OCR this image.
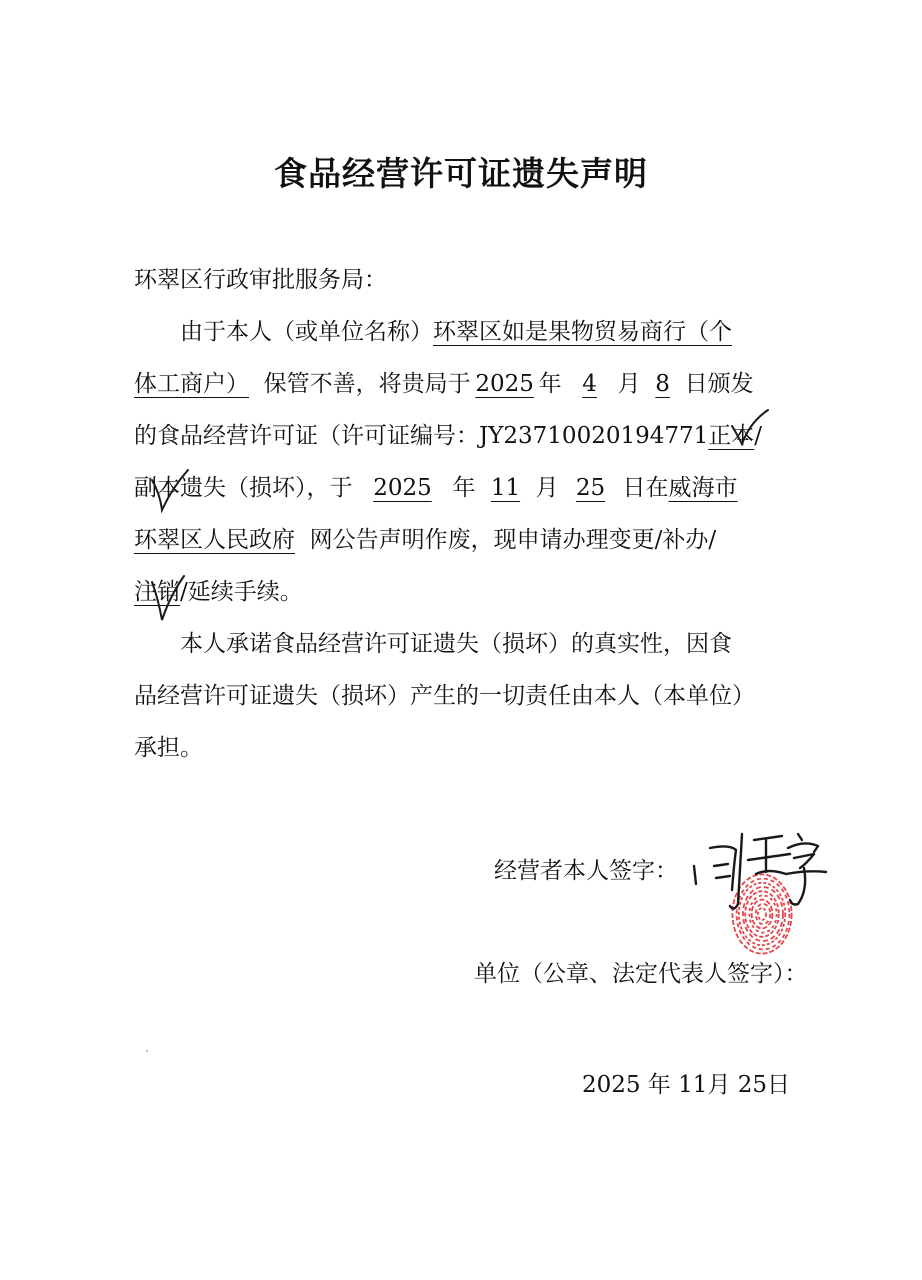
食品经营许可证遗失声明
环翠区行政审批服务局：
由于本人（或单位名称）环翠区如是果物贸易商行（个
体工商户） 保管不善，将贵局于 2025 年 4 月 8 日颁发
的食品经营许可证（许可证编号：JY23710020194771正本/
副本遗失（损坏），于 2025 年 11 月 25 日在威海市
环翠区人民政府 网公告声明作废，现申请办理变更/补办/
注销/延续手续。
本人承诺食品经营许可证遗失（损坏）的真实性，因食
品经营许可证遗失（损坏）产生的一切责任由本人（本单位）
承担。
经营者本人签字：
单位（公章、法定代表人签字）：
2025 年 11月 25日
